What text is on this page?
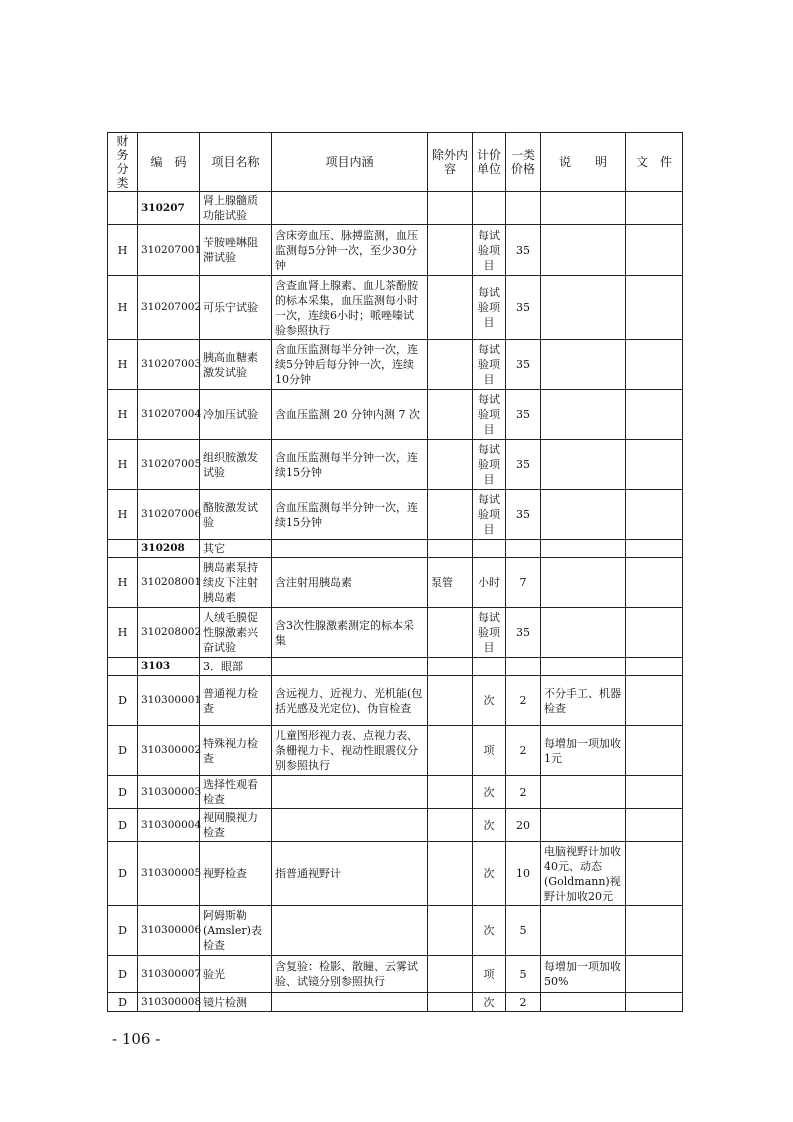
财务分类	编　码	项目名称	项目内涵	除外内容	计价单位	一类价格	说　　明	文　件
	310207	肾上腺髓质功能试验						
H	310207001	苄胺唑啉阻滞试验	含床旁血压、脉搏监测，血压监测每5分钟一次，至少30分钟		每试验项目	35		
H	310207002	可乐宁试验	含查血肾上腺素、血儿茶酚胺的标本采集，血压监测每小时一次，连续6小时；哌唑嗪试验参照执行		每试验项目	35		
H	310207003	胰高血糖素激发试验	含血压监测每半分钟一次，连续5分钟后每分钟一次，连续10分钟		每试验项目	35		
H	310207004	冷加压试验	含血压监测 20 分钟内测 7 次		每试验项目	35		
H	310207005	组织胺激发试验	含血压监测每半分钟一次，连续15分钟		每试验项目	35		
H	310207006	酪胺激发试验	含血压监测每半分钟一次，连续15分钟		每试验项目	35		
	310208	其它						
H	310208001	胰岛素泵持续皮下注射胰岛素	含注射用胰岛素	泵管	小时	7		
H	310208002	人绒毛膜促性腺激素兴奋试验	含3次性腺激素测定的标本采集		每试验项目	35		
	3103	3．眼部						
D	310300001	普通视力检查	含远视力、近视力、光机能(包括光感及光定位)、伪盲检查		次	2	不分手工、机器检查	
D	310300002	特殊视力检查	儿童图形视力表、点视力表、条栅视力卡、视动性眼震仪分别参照执行		项	2	每增加一项加收1元	
D	310300003	选择性观看检查			次	2		
D	310300004	视网膜视力检查			次	20		
D	310300005	视野检查	指普通视野计		次	10	电脑视野计加收40元、动态(Goldmann)视野计加收20元	
D	310300006	阿姆斯勒(Amsler)表检查			次	5		
D	310300007	验光	含复验：检影、散瞳、云雾试验、试镜分别参照执行		项	5	每增加一项加收50%	
D	310300008	镜片检测			次	2		
- 106 -
